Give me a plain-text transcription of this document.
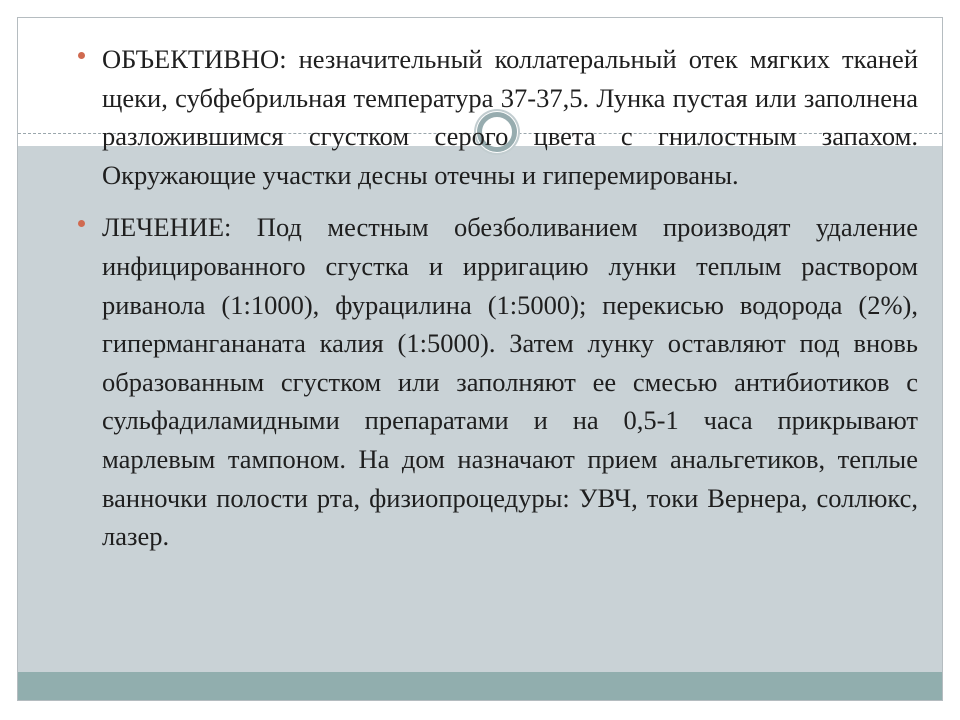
ОБЪЕКТИВНО: незначительный коллатеральный отек мягких тканей щеки, субфебрильная температура 37-37,5. Лунка пустая или заполнена разложившимся сгустком серого цвета с гнилостным запахом. Окружающие участки десны отечны и гиперемированы.

ЛЕЧЕНИЕ: Под местным обезболиванием производят удаление инфицированного сгустка и ирригацию лунки теплым раствором риванола (1:1000), фурацилина (1:5000); перекисью водорода (2%), гипермангананата калия (1:5000). Затем лунку оставляют под вновь образованным сгустком или заполняют ее смесью антибиотиков с сульфадиламидными препаратами и на 0,5-1 часа прикрывают марлевым тампоном. На дом назначают прием анальгетиков, теплые ванночки полости рта, физиопроцедуры: УВЧ, токи Вернера, соллюкс, лазер.
